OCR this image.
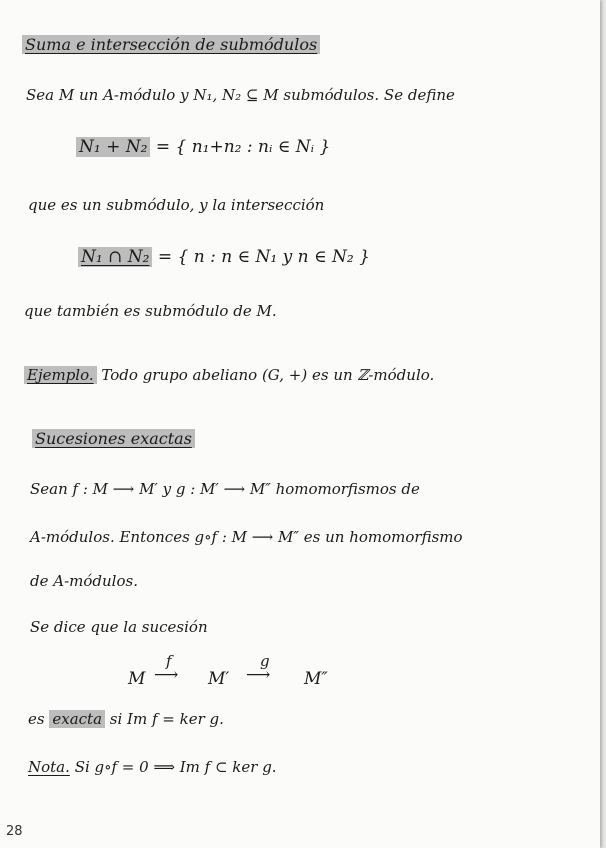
Suma e intersección de submódulos
Sea M un A-módulo y N₁, N₂ ⊆ M submódulos. Se define
N₁ + N₂ = { n₁+n₂ : nᵢ ∈ Nᵢ }
que es un submódulo, y la intersección
N₁ ∩ N₂ = { n : n ∈ N₁ y n ∈ N₂ }
que también es submódulo de M.
Ejemplo. Todo grupo abeliano (G, +) es un ℤ-módulo.
Sucesiones exactas
Sean f : M ⟶ M′ y g : M′ ⟶ M″ homomorfismos de
A-módulos. Entonces g∘f : M ⟶ M″ es un homomorfismo
de A-módulos.
Se dice que la sucesión
M
f
⟶ M′
g
⟶ M″
es exacta si Im f = ker g.
Nota. Si g∘f = 0 ⟹ Im f ⊂ ker g.
28
